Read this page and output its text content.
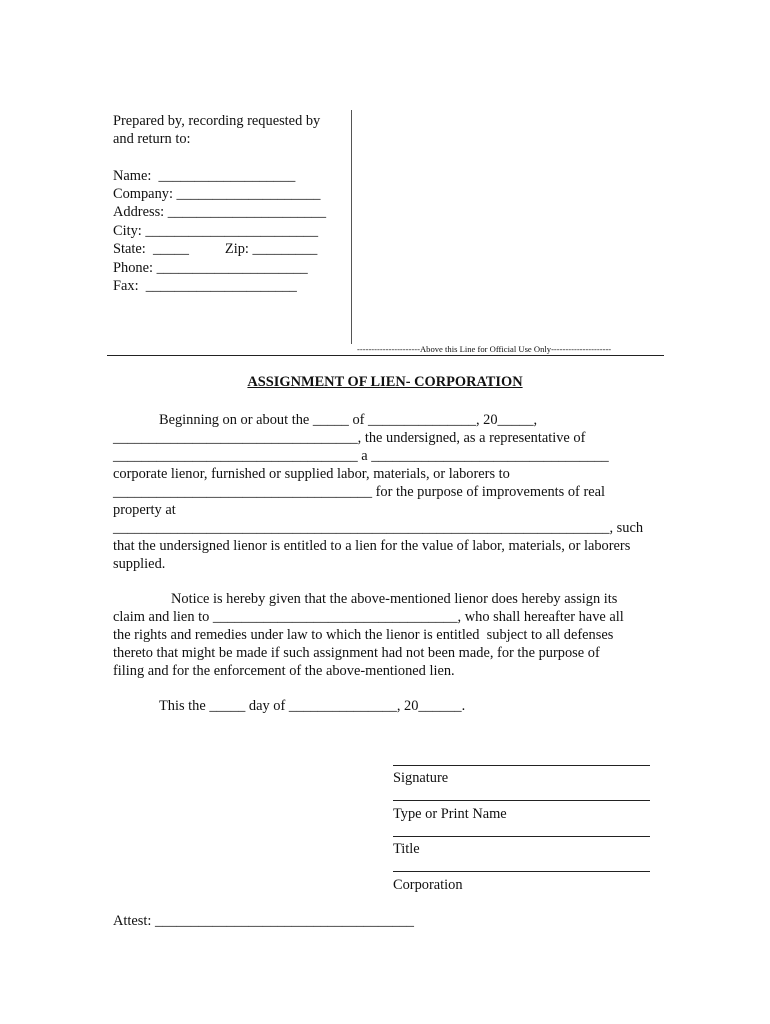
Prepared by, recording requested by
and return to:
Name:  ___________________
Company: ____________________
Address: ______________________
City: ________________________
State:  _____          Zip: _________
Phone: _____________________
Fax:  _____________________
----------------------Above this Line for Official Use Only---------------------
ASSIGNMENT OF LIEN- CORPORATION
Beginning on or about the _____ of _______________, 20_____,
__________________________________, the undersigned, as a representative of
__________________________________ a _________________________________
corporate lienor, furnished or supplied labor, materials, or laborers to
____________________________________ for the purpose of improvements of real
property at
_____________________________________________________________________, such
that the undersigned lienor is entitled to a lien for the value of labor, materials, or laborers
supplied.
Notice is hereby given that the above-mentioned lienor does hereby assign its
claim and lien to __________________________________, who shall hereafter have all
the rights and remedies under law to which the lienor is entitled  subject to all defenses
thereto that might be made if such assignment had not been made, for the purpose of
filing and for the enforcement of the above-mentioned lien.
This the _____ day of _______________, 20______.
Signature
Type or Print Name
Title
Corporation
Attest: ____________________________________
